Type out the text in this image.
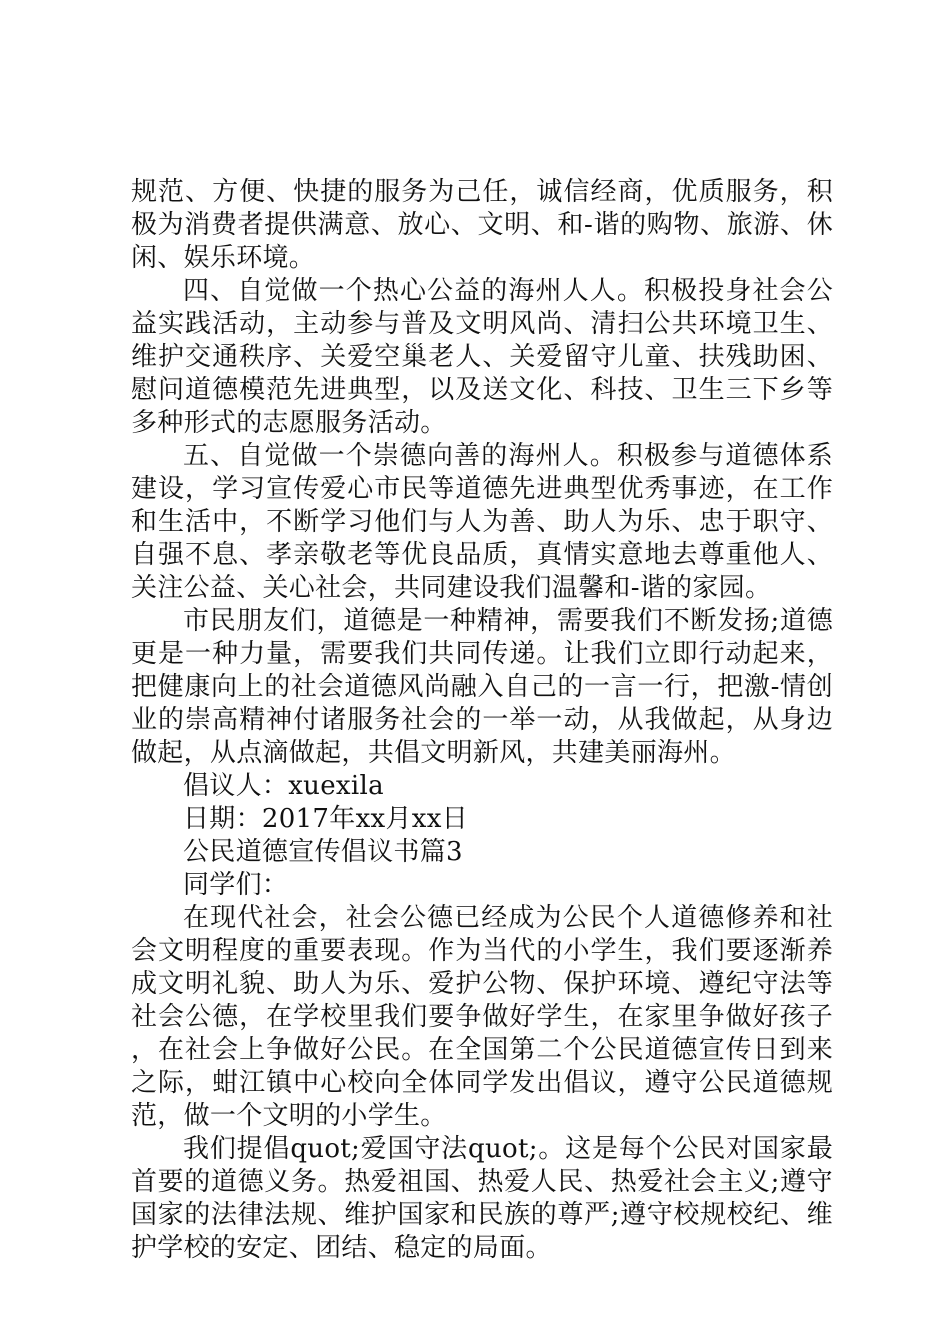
规范、方便、快捷的服务为己任，诚信经商，优质服务，积极为消费者提供满意、放心、文明、和-谐的购物、旅游、休闲、娱乐环境。

四、自觉做一个热心公益的海州人人。积极投身社会公益实践活动，主动参与普及文明风尚、清扫公共环境卫生、维护交通秩序、关爱空巢老人、关爱留守儿童、扶残助困、慰问道德模范先进典型，以及送文化、科技、卫生三下乡等多种形式的志愿服务活动。

五、自觉做一个崇德向善的海州人。积极参与道德体系建设，学习宣传爱心市民等道德先进典型优秀事迹，在工作和生活中，不断学习他们与人为善、助人为乐、忠于职守、自强不息、孝亲敬老等优良品质，真情实意地去尊重他人、关注公益、关心社会，共同建设我们温馨和-谐的家园。

市民朋友们，道德是一种精神，需要我们不断发扬;道德更是一种力量，需要我们共同传递。让我们立即行动起来，把健康向上的社会道德风尚融入自己的一言一行，把激-情创业的崇高精神付诸服务社会的一举一动，从我做起，从身边做起，从点滴做起，共倡文明新风，共建美丽海州。

倡议人：xuexila

日期：2017年xx月xx日

公民道德宣传倡议书篇3

同学们：

在现代社会，社会公德已经成为公民个人道德修养和社会文明程度的重要表现。作为当代的小学生，我们要逐渐养成文明礼貌、助人为乐、爱护公物、保护环境、遵纪守法等社会公德，在学校里我们要争做好学生，在家里争做好孩子，在社会上争做好公民。在全国第二个公民道德宣传日到来之际，蚶江镇中心校向全体同学发出倡议，遵守公民道德规范，做一个文明的小学生。

我们提倡quot;爱国守法quot;。这是每个公民对国家最首要的道德义务。热爱祖国、热爱人民、热爱社会主义;遵守国家的法律法规、维护国家和民族的尊严;遵守校规校纪、维护学校的安定、团结、稳定的局面。
